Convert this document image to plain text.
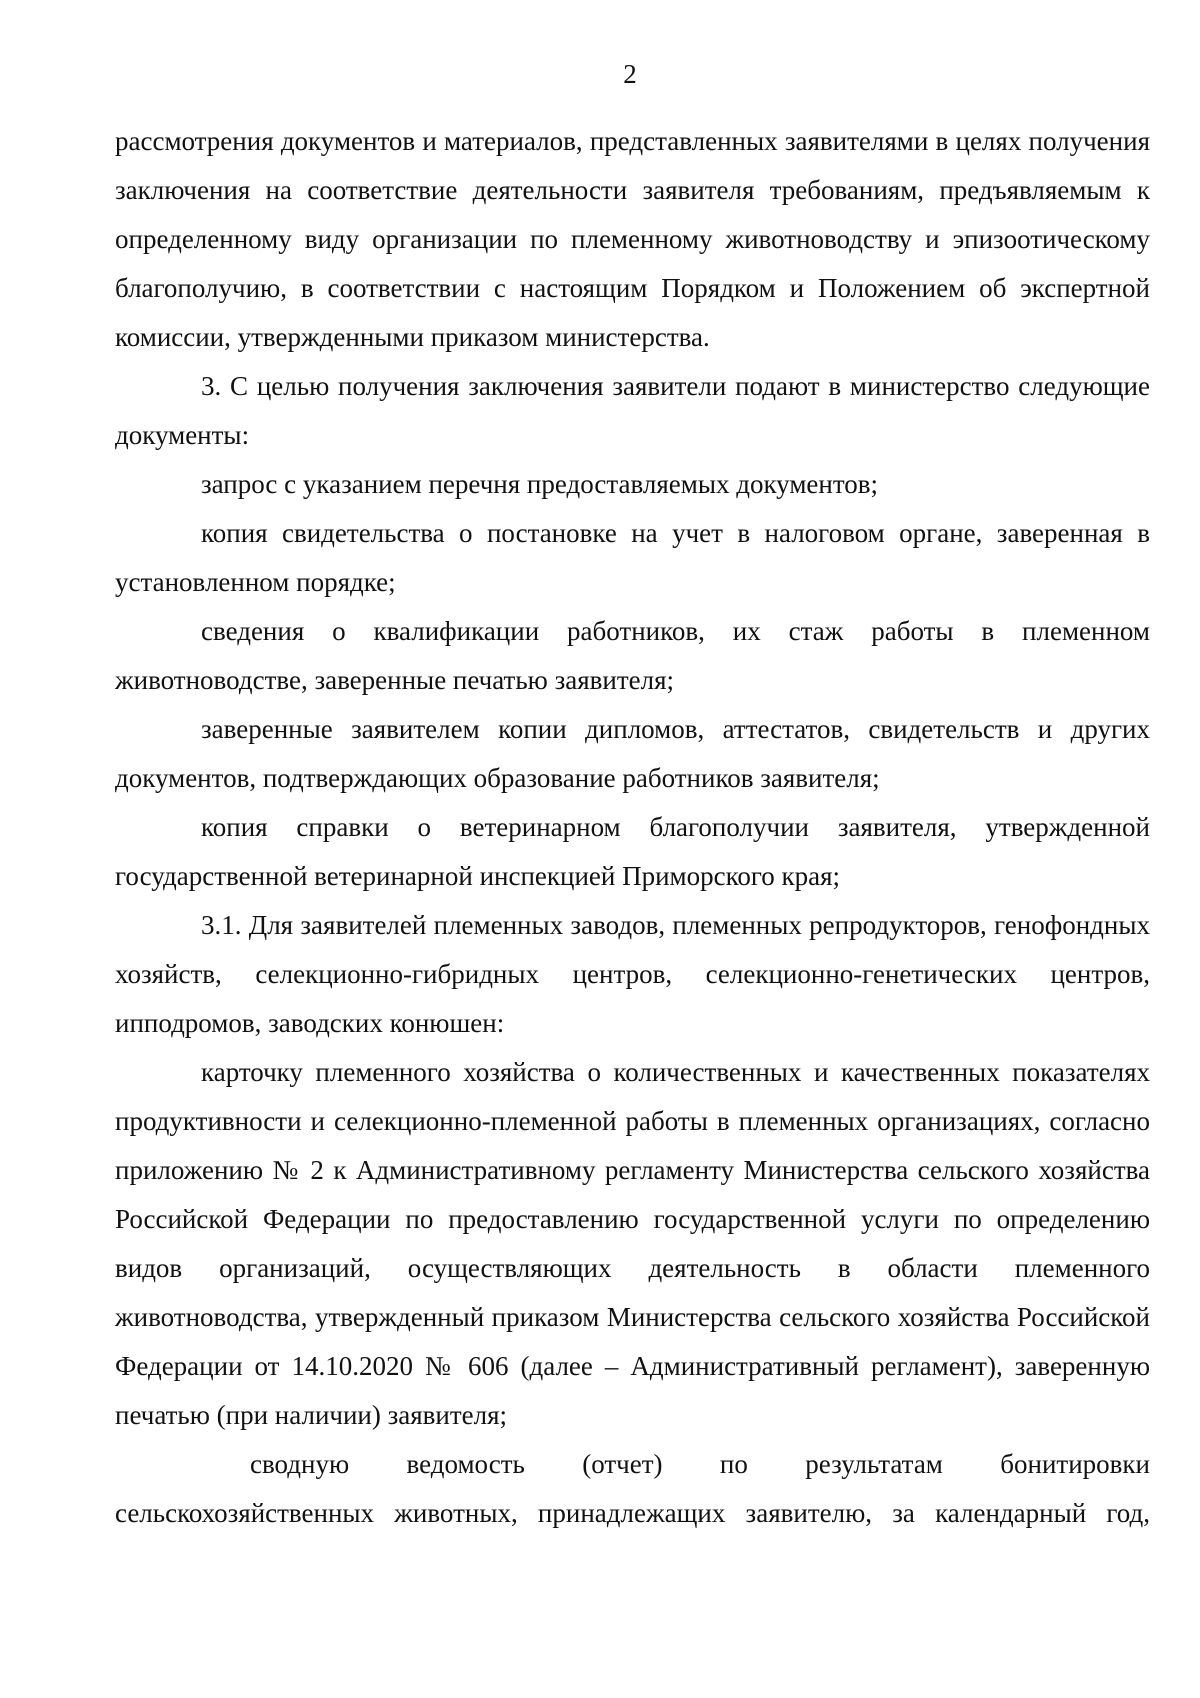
2

рассмотрения документов и материалов, представленных заявителями в целях получения заключения на соответствие деятельности заявителя требованиям, предъявляемым к определенному виду организации по племенному животноводству и эпизоотическому благополучию, в соответствии с настоящим Порядком и Положением об экспертной комиссии, утвержденными приказом министерства.

3. С целью получения заключения заявители подают в министерство следующие документы:

запрос с указанием перечня предоставляемых документов;

копия свидетельства о постановке на учет в налоговом органе, заверенная в установленном порядке;

сведения о квалификации работников, их стаж работы в племенном животноводстве, заверенные печатью заявителя;

заверенные заявителем копии дипломов, аттестатов, свидетельств и других документов, подтверждающих образование работников заявителя;

копия справки о ветеринарном благополучии заявителя, утвержденной государственной ветеринарной инспекцией Приморского края;

3.1. Для заявителей племенных заводов, племенных репродукторов, генофондных хозяйств, селекционно-гибридных центров, селекционно-генетических центров, ипподромов, заводских конюшен:

карточку племенного хозяйства о количественных и качественных показателях продуктивности и селекционно-племенной работы в племенных организациях, согласно приложению № 2 к Административному регламенту Министерства сельского хозяйства Российской Федерации по предоставлению государственной услуги по определению видов организаций, осуществляющих деятельность в области племенного животноводства, утвержденный приказом Министерства сельского хозяйства Российской Федерации от 14.10.2020 № 606 (далее – Административный регламент), заверенную печатью (при наличии) заявителя;

сводную ведомость (отчет) по результатам бонитировки сельскохозяйственных животных, принадлежащих заявителю, за календарный год,
